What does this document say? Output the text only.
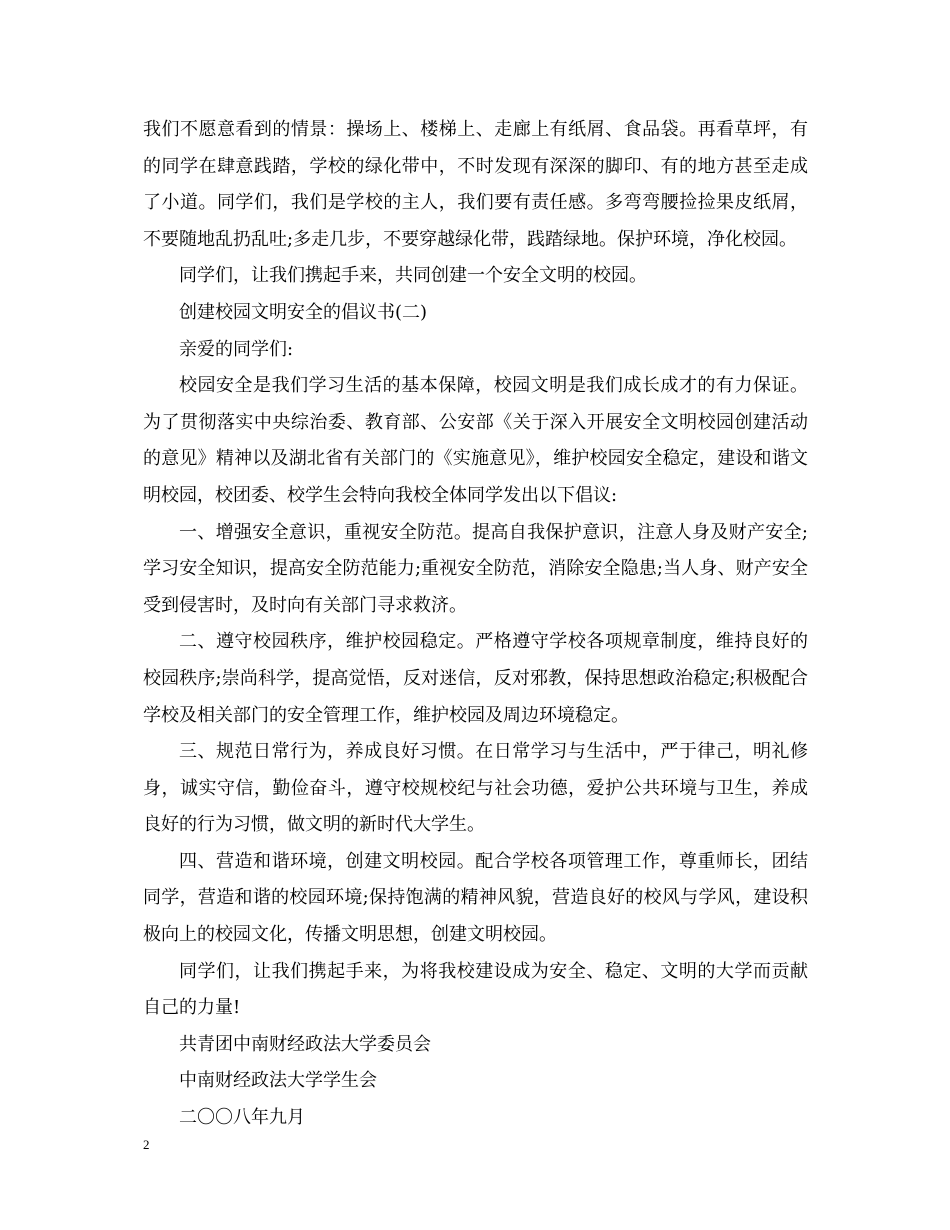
我们不愿意看到的情景：操场上、楼梯上、走廊上有纸屑、食品袋。再看草坪，有的同学在肆意践踏，学校的绿化带中，不时发现有深深的脚印、有的地方甚至走成了小道。同学们，我们是学校的主人，我们要有责任感。多弯弯腰捡捡果皮纸屑，不要随地乱扔乱吐;多走几步，不要穿越绿化带，践踏绿地。保护环境，净化校园。

同学们，让我们携起手来，共同创建一个安全文明的校园。

创建校园文明安全的倡议书(二)

亲爱的同学们:

校园安全是我们学习生活的基本保障，校园文明是我们成长成才的有力保证。为了贯彻落实中央综治委、教育部、公安部《关于深入开展安全文明校园创建活动的意见》精神以及湖北省有关部门的《实施意见》，维护校园安全稳定，建设和谐文明校园，校团委、校学生会特向我校全体同学发出以下倡议:

一、增强安全意识，重视安全防范。提高自我保护意识，注意人身及财产安全;学习安全知识，提高安全防范能力;重视安全防范，消除安全隐患;当人身、财产安全受到侵害时，及时向有关部门寻求救济。

二、遵守校园秩序，维护校园稳定。严格遵守学校各项规章制度，维持良好的校园秩序;崇尚科学，提高觉悟，反对迷信，反对邪教，保持思想政治稳定;积极配合学校及相关部门的安全管理工作，维护校园及周边环境稳定。

三、规范日常行为，养成良好习惯。在日常学习与生活中，严于律己，明礼修身，诚实守信，勤俭奋斗，遵守校规校纪与社会功德，爱护公共环境与卫生，养成良好的行为习惯，做文明的新时代大学生。

四、营造和谐环境，创建文明校园。配合学校各项管理工作，尊重师长，团结同学，营造和谐的校园环境;保持饱满的精神风貌，营造良好的校风与学风，建设积极向上的校园文化，传播文明思想，创建文明校园。

同学们，让我们携起手来，为将我校建设成为安全、稳定、文明的大学而贡献自己的力量!

共青团中南财经政法大学委员会

中南财经政法大学学生会

二〇〇八年九月

2
